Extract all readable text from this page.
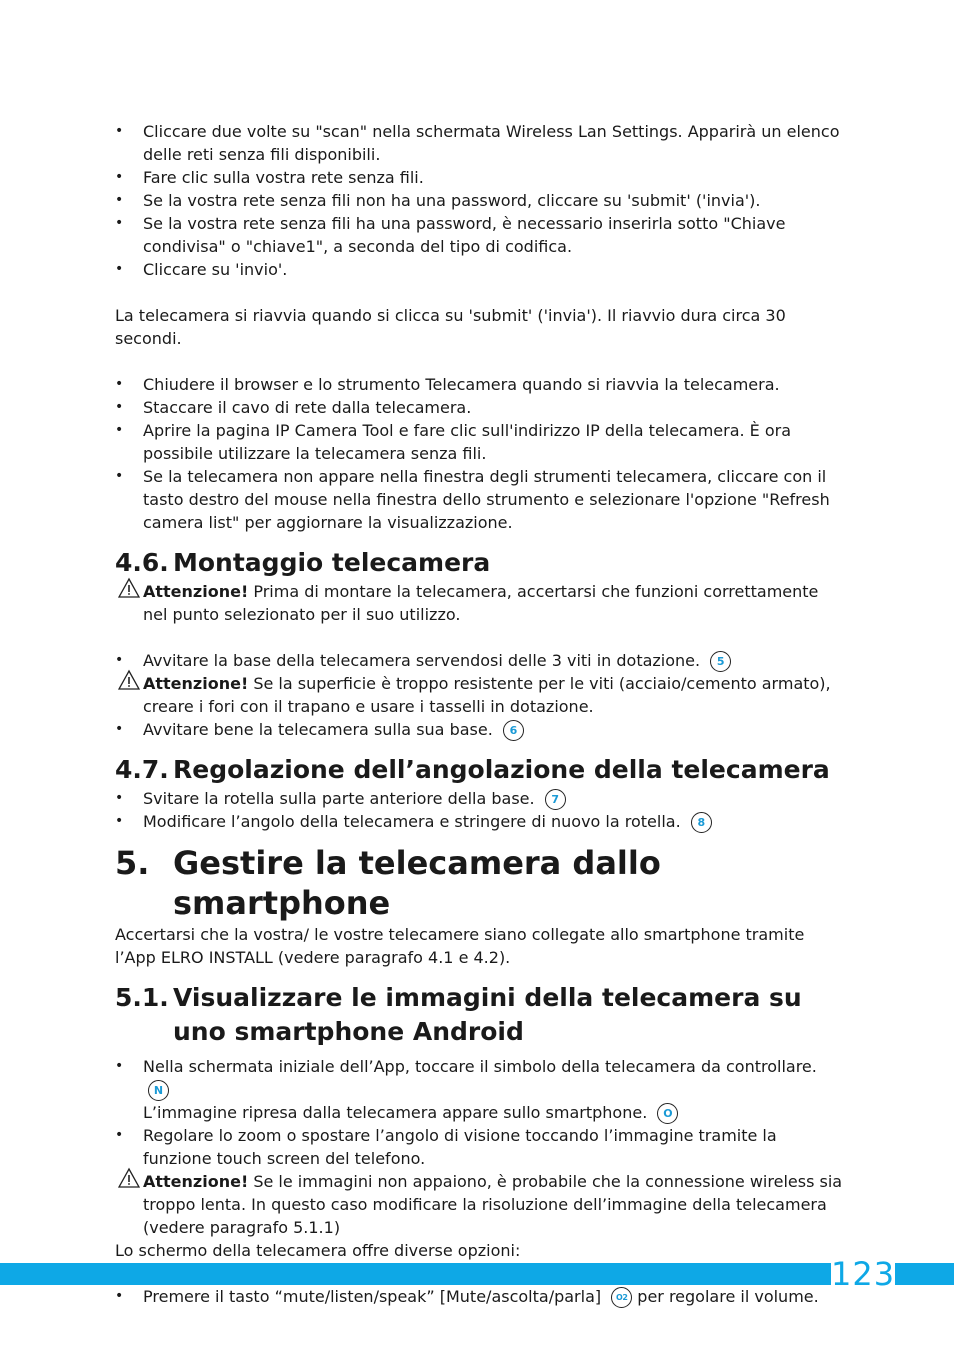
• Cliccare due volte su "scan" nella schermata Wireless Lan Settings. Apparirà un elenco delle reti senza fili disponibili.
• Fare clic sulla vostra rete senza fili.
• Se la vostra rete senza fili non ha una password, cliccare su 'submit' ('invia').
• Se la vostra rete senza fili ha una password, è necessario inserirla sotto "Chiave condivisa" o "chiave1", a seconda del tipo di codifica.
• Cliccare su 'invio'.
La telecamera si riavvia quando si clicca su 'submit' ('invia'). Il riavvio dura circa 30 secondi.
• Chiudere il browser e lo strumento Telecamera quando si riavvia la telecamera.
• Staccare il cavo di rete dalla telecamera.
• Aprire la pagina IP Camera Tool e fare clic sull'indirizzo IP della telecamera. È ora possibile utilizzare la telecamera senza fili.
• Se la telecamera non appare nella finestra degli strumenti telecamera, cliccare con il tasto destro del mouse nella finestra dello strumento e selezionare l'opzione "Refresh camera list" per aggiornare la visualizzazione.
4.6. Montaggio telecamera
Attenzione! Prima di montare la telecamera, accertarsi che funzioni correttamente nel punto selezionato per il suo utilizzo.
• Avvitare la base della telecamera servendosi delle 3 viti in dotazione. 5
Attenzione! Se la superficie è troppo resistente per le viti (acciaio/cemento armato), creare i fori con il trapano e usare i tasselli in dotazione.
• Avvitare bene la telecamera sulla sua base. 6
4.7. Regolazione dell’angolazione della telecamera
• Svitare la rotella sulla parte anteriore della base. 7
• Modificare l’angolo della telecamera e stringere di nuovo la rotella. 8
5. Gestire la telecamera dallo smartphone
Accertarsi che la vostra/ le vostre telecamere siano collegate allo smartphone tramite l’App ELRO INSTALL (vedere paragrafo 4.1 e 4.2).
5.1. Visualizzare le immagini della telecamera su uno smartphone Android
• Nella schermata iniziale dell’App, toccare il simbolo della telecamera da controllare. N
L’immagine ripresa dalla telecamera appare sullo smartphone. O
• Regolare lo zoom o spostare l’angolo di visione toccando l’immagine tramite la funzione touch screen del telefono.
Attenzione! Se le immagini non appaiono, è probabile che la connessione wireless sia troppo lenta. In questo caso modificare la risoluzione dell’immagine della telecamera (vedere paragrafo 5.1.1)
Lo schermo della telecamera offre diverse opzioni:
•
• Premere il tasto “mute/listen/speak” [Mute/ascolta/parla] O2 per regolare il volume.
123
